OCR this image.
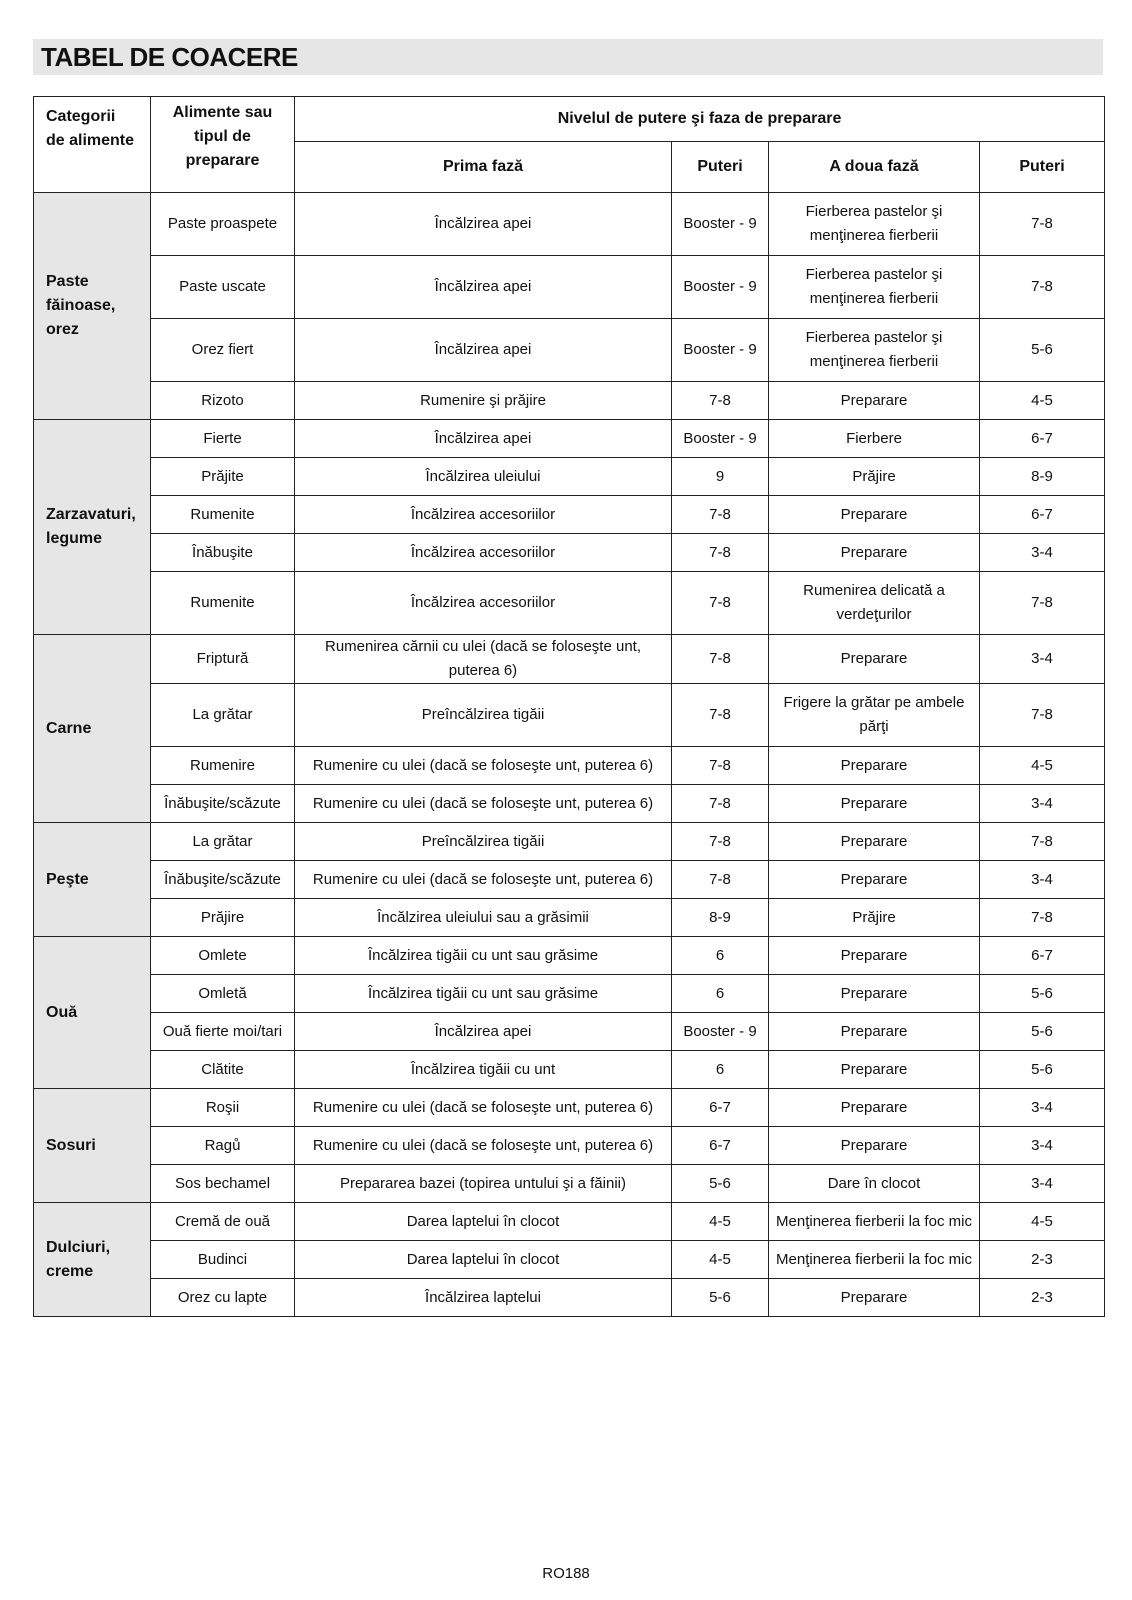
TABEL DE COACERE
Categorii de alimente	Alimente sau tipul de preparare	Nivelul de putere şi faza de preparare			
		Prima fază	Puteri	A doua fază	Puteri
Paste făinoase, orez	Paste proaspete	Încălzirea apei	Booster - 9	Fierberea pastelor şi menţinerea fierberii	7-8
	Paste uscate	Încălzirea apei	Booster - 9	Fierberea pastelor şi menţinerea fierberii	7-8
	Orez fiert	Încălzirea apei	Booster - 9	Fierberea pastelor şi menţinerea fierberii	5-6
	Rizoto	Rumenire şi prăjire	7-8	Preparare	4-5
Zarzavaturi, legume	Fierte	Încălzirea apei	Booster - 9	Fierbere	6-7
	Prăjite	Încălzirea uleiului	9	Prăjire	8-9
	Rumenite	Încălzirea accesoriilor	7-8	Preparare	6-7
	Înăbuşite	Încălzirea accesoriilor	7-8	Preparare	3-4
	Rumenite	Încălzirea accesoriilor	7-8	Rumenirea delicată a verdeţurilor	7-8
Carne	Friptură	Rumenirea cărnii cu ulei (dacă se foloseşte unt, puterea 6)	7-8	Preparare	3-4
	La grătar	Preîncălzirea tigăii	7-8	Frigere la grătar pe ambele părţi	7-8
	Rumenire	Rumenire cu ulei (dacă se foloseşte unt, puterea 6)	7-8	Preparare	4-5
	Înăbuşite/scăzute	Rumenire cu ulei (dacă se foloseşte unt, puterea 6)	7-8	Preparare	3-4
Peşte	La grătar	Preîncălzirea tigăii	7-8	Preparare	7-8
	Înăbuşite/scăzute	Rumenire cu ulei (dacă se foloseşte unt, puterea 6)	7-8	Preparare	3-4
	Prăjire	Încălzirea uleiului sau a grăsimii	8-9	Prăjire	7-8
Ouă	Omlete	Încălzirea tigăii cu unt sau grăsime	6	Preparare	6-7
	Omletă	Încălzirea tigăii cu unt sau grăsime	6	Preparare	5-6
	Ouă fierte moi/tari	Încălzirea apei	Booster - 9	Preparare	5-6
	Clătite	Încălzirea tigăii cu unt	6	Preparare	5-6
Sosuri	Roşii	Rumenire cu ulei (dacă se foloseşte unt, puterea 6)	6-7	Preparare	3-4
	Ragů	Rumenire cu ulei (dacă se foloseşte unt, puterea 6)	6-7	Preparare	3-4
	Sos bechamel	Prepararea bazei (topirea untului şi a făinii)	5-6	Dare în clocot	3-4
Dulciuri, creme	Cremă de ouă	Darea laptelui în clocot	4-5	Menţinerea fierberii la foc mic	4-5
	Budinci	Darea laptelui în clocot	4-5	Menţinerea fierberii la foc mic	2-3
	Orez cu lapte	Încălzirea laptelui	5-6	Preparare	2-3
RO188
